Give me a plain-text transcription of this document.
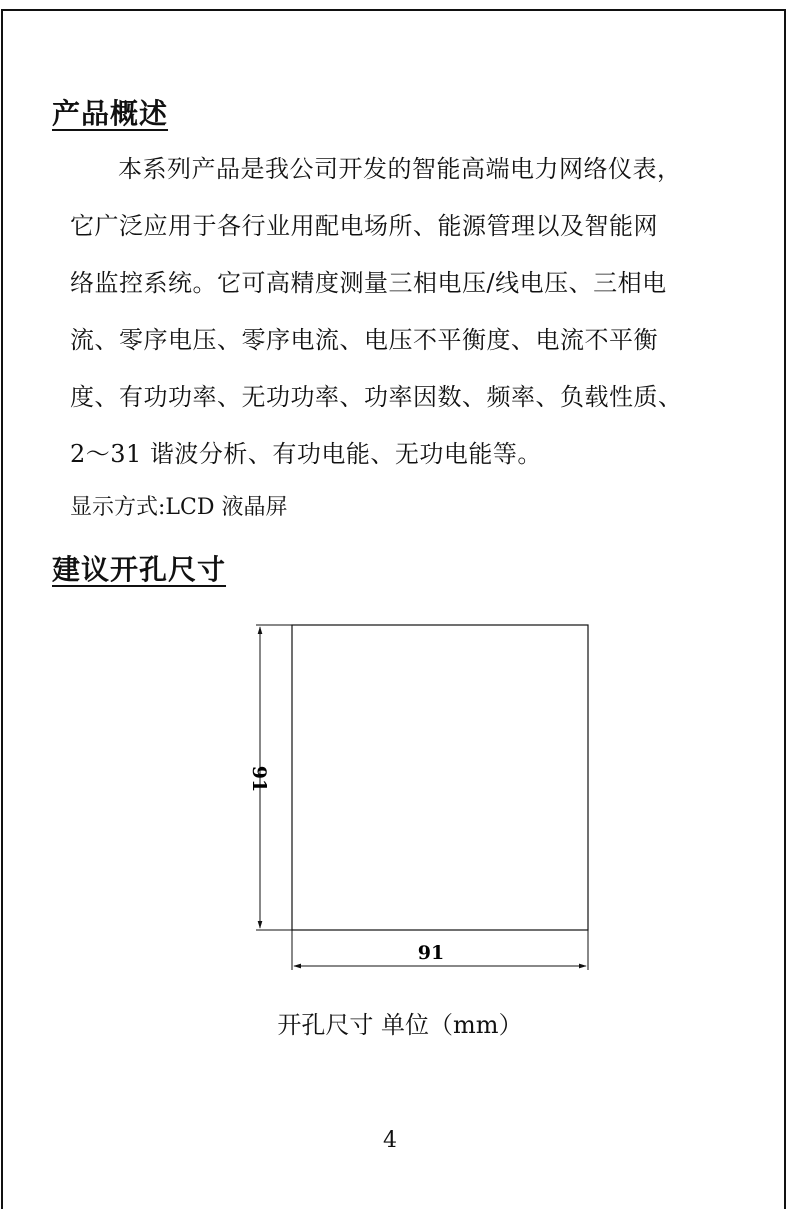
产品概述
本系列产品是我公司开发的智能高端电力网络仪表，
它广泛应用于各行业用配电场所、能源管理以及智能网
络监控系统。它可高精度测量三相电压/线电压、三相电
流、零序电压、零序电流、电压不平衡度、电流不平衡
度、有功功率、无功功率、功率因数、频率、负载性质、
2～31 谐波分析、有功电能、无功电能等。

显示方式:LCD 液晶屏

建议开孔尺寸
91
91

开孔尺寸 单位（mm）

4
